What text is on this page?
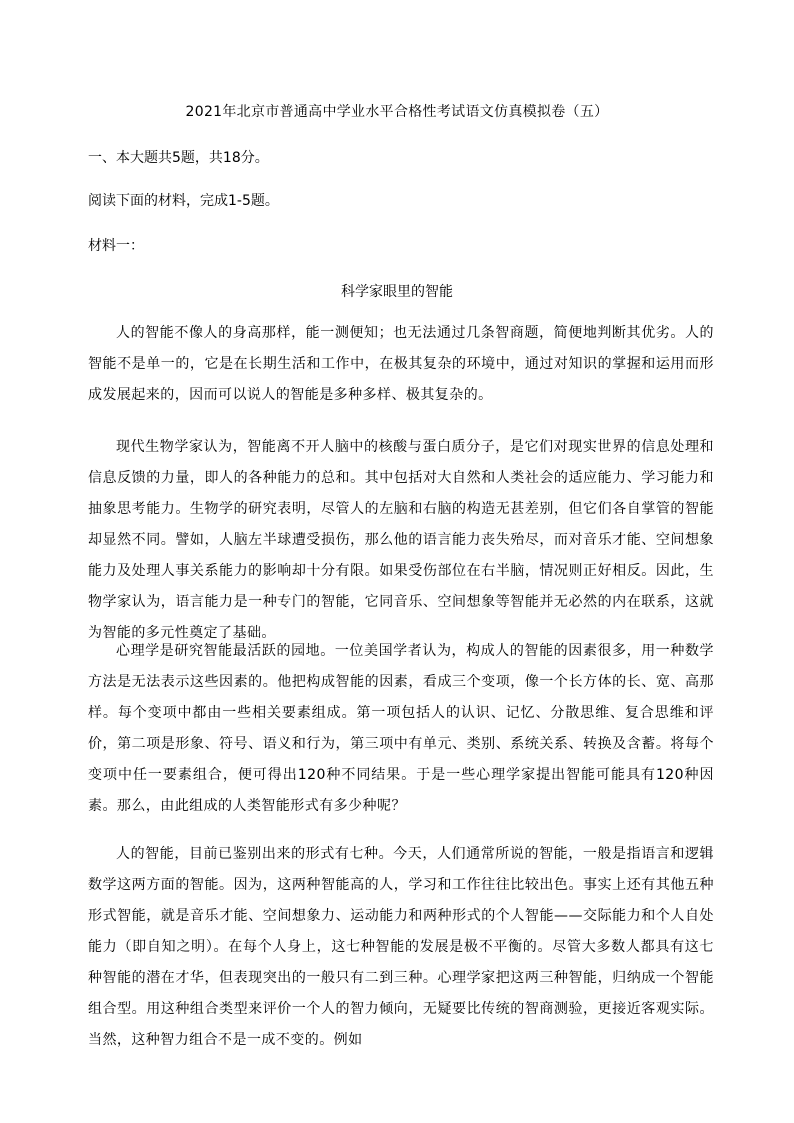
2021年北京市普通高中学业水平合格性考试语文仿真模拟卷（五）
一、本大题共5题，共18分。
阅读下面的材料，完成1-5题。
材料一：
科学家眼里的智能

人的智能不像人的身高那样，能一测便知；也无法通过几条智商题，简便地判断其优劣。人的智能不是单一的，它是在长期生活和工作中，在极其复杂的环境中，通过对知识的掌握和运用而形成发展起来的，因而可以说人的智能是多种多样、极其复杂的。

现代生物学家认为，智能离不开人脑中的核酸与蛋白质分子，是它们对现实世界的信息处理和信息反馈的力量，即人的各种能力的总和。其中包括对大自然和人类社会的适应能力、学习能力和抽象思考能力。生物学的研究表明，尽管人的左脑和右脑的构造无甚差别，但它们各自掌管的智能却显然不同。譬如，人脑左半球遭受损伤，那么他的语言能力丧失殆尽，而对音乐才能、空间想象能力及处理人事关系能力的影响却十分有限。如果受伤部位在右半脑，情况则正好相反。因此，生物学家认为，语言能力是一种专门的智能，它同音乐、空间想象等智能并无必然的内在联系，这就为智能的多元性奠定了基础。

心理学是研究智能最活跃的园地。一位美国学者认为，构成人的智能的因素很多，用一种数学方法是无法表示这些因素的。他把构成智能的因素，看成三个变项，像一个长方体的长、宽、高那样。每个变项中都由一些相关要素组成。第一项包括人的认识、记忆、分散思维、复合思维和评价，第二项是形象、符号、语义和行为，第三项中有单元、类别、系统关系、转换及含蓄。将每个变项中任一要素组合，便可得出120种不同结果。于是一些心理学家提出智能可能具有120种因素。那么，由此组成的人类智能形式有多少种呢？

人的智能，目前已鉴别出来的形式有七种。今天，人们通常所说的智能，一般是指语言和逻辑数学这两方面的智能。因为，这两种智能高的人，学习和工作往往比较出色。事实上还有其他五种形式智能，就是音乐才能、空间想象力、运动能力和两种形式的个人智能——交际能力和个人自处能力（即自知之明）。在每个人身上，这七种智能的发展是极不平衡的。尽管大多数人都具有这七种智能的潜在才华，但表现突出的一般只有二到三种。心理学家把这两三种智能，归纳成一个智能组合型。用这种组合类型来评价一个人的智力倾向，无疑要比传统的智商测验，更接近客观实际。当然，这种智力组合不是一成不变的。例如
